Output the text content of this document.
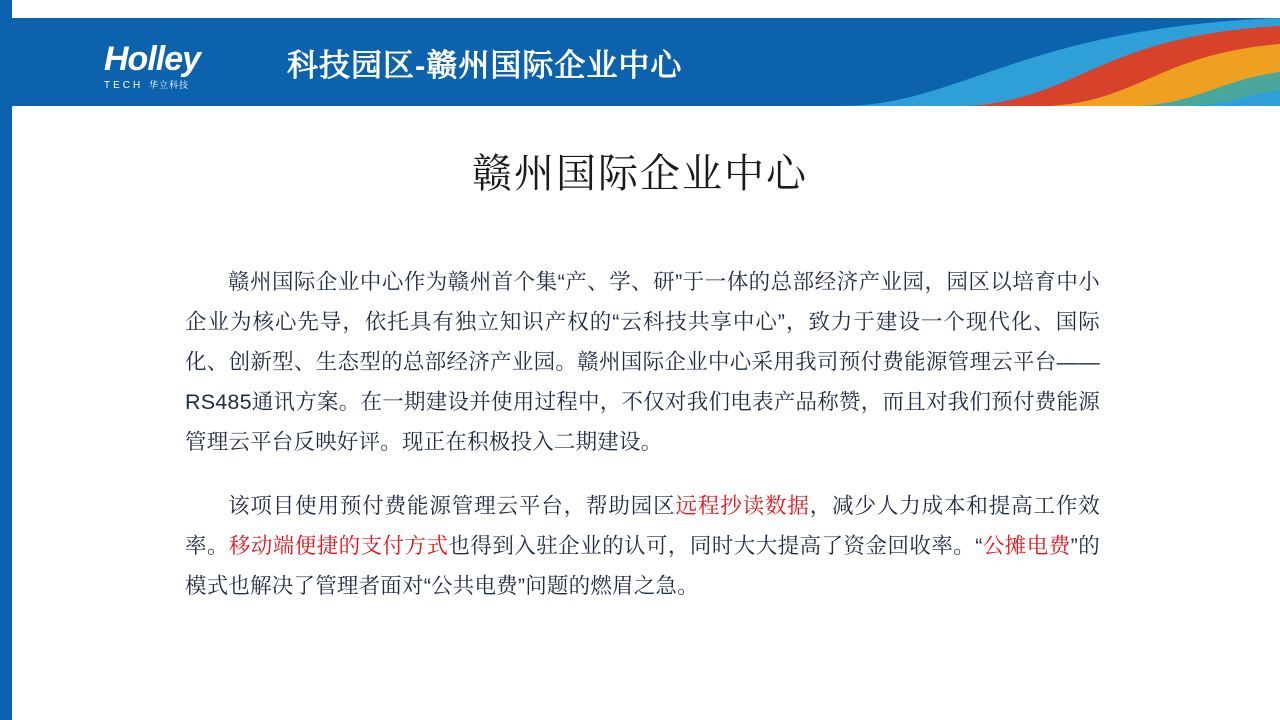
Holley
TECH 华立科技
科技园区-赣州国际企业中心
赣州国际企业中心

赣州国际企业中心作为赣州首个集“产、学、研”于一体的总部经济产业园，园区以培育中小企业为核心先导，依托具有独立知识产权的“云科技共享中心”，致力于建设一个现代化、国际化、创新型、生态型的总部经济产业园。赣州国际企业中心采用我司预付费能源管理云平台——RS485通讯方案。在一期建设并使用过程中，不仅对我们电表产品称赞，而且对我们预付费能源管理云平台反映好评。现正在积极投入二期建设。

该项目使用预付费能源管理云平台，帮助园区远程抄读数据，减少人力成本和提高工作效率。移动端便捷的支付方式也得到入驻企业的认可，同时大大提高了资金回收率。“公摊电费”的模式也解决了管理者面对“公共电费”问题的燃眉之急。
